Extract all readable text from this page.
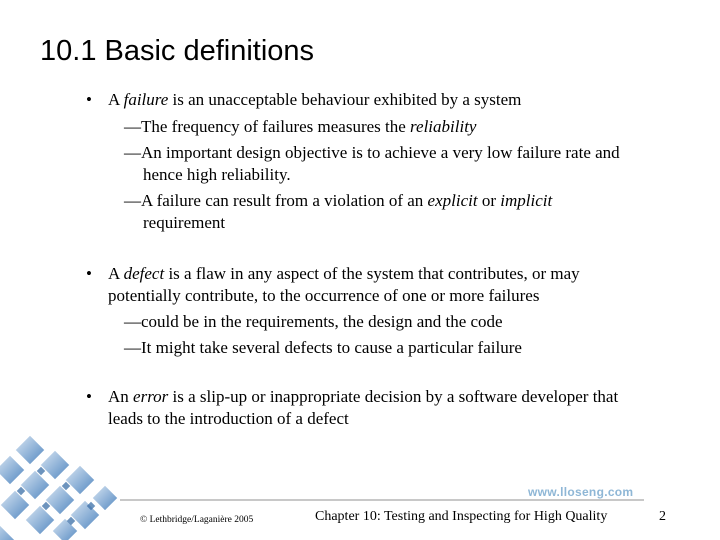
10.1 Basic definitions
• A failure is an unacceptable behaviour exhibited by a system
—The frequency of failures measures the reliability
—An important design objective is to achieve a very low failure rate and
hence high reliability.
—A failure can result from a violation of an explicit or implicit
requirement
• A defect is a flaw in any aspect of the system that contributes, or may
potentially contribute, to the occurrence of one or more failures
—could be in the requirements, the design and the code
—It might take several defects to cause a particular failure
• An error is a slip-up or inappropriate decision by a software developer that
leads to the introduction of a defect
www.lloseng.com
© Lethbridge/Laganière 2005	Chapter 10: Testing and Inspecting for High Quality	2
